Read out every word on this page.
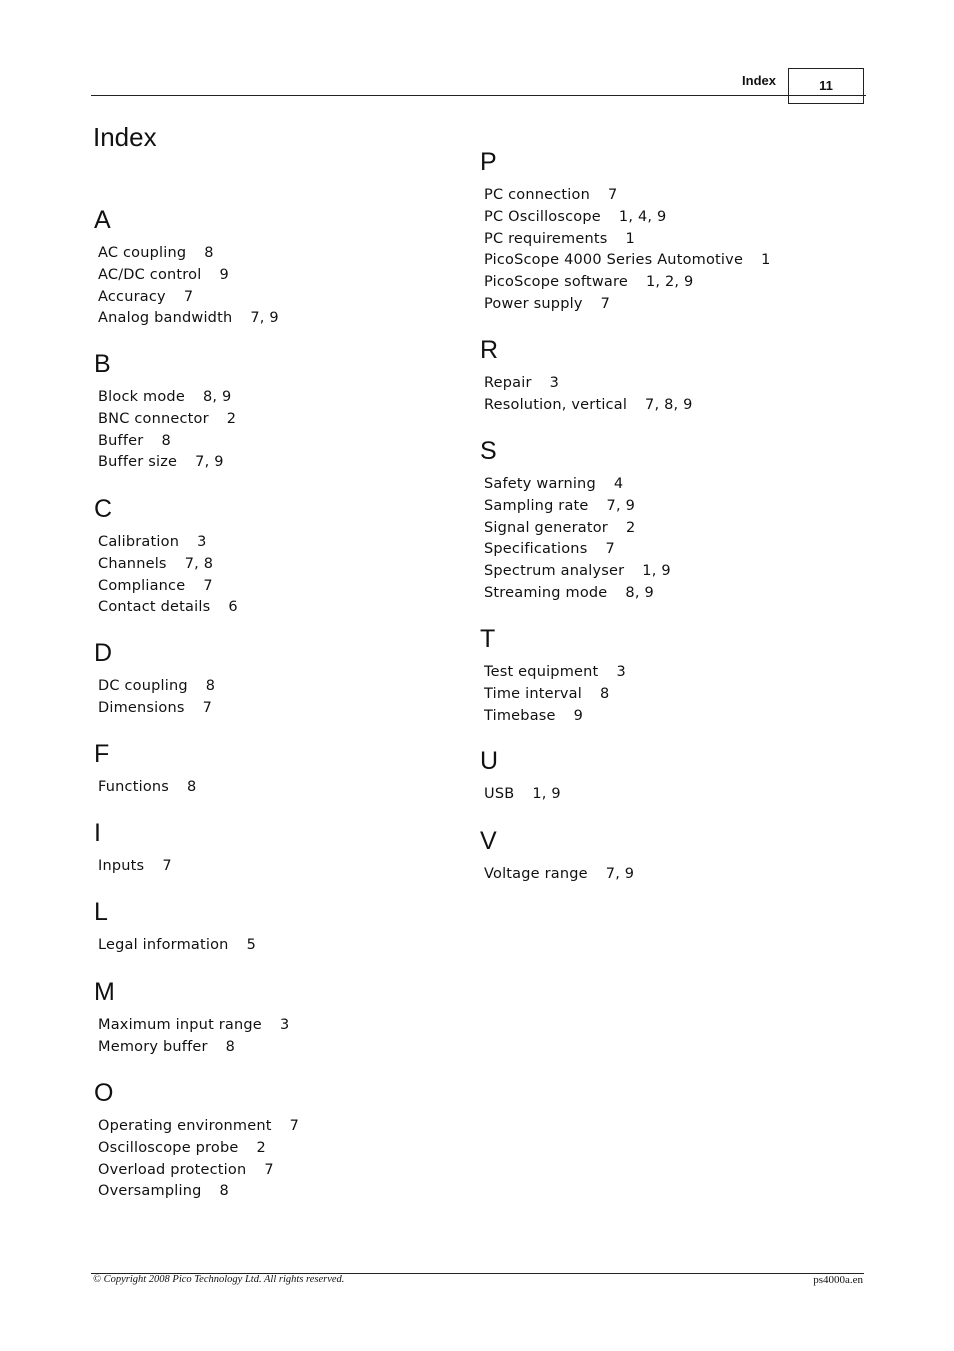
Index	11
Index
A
AC coupling 8
AC/DC control 9
Accuracy 7
Analog bandwidth 7, 9
B
Block mode 8, 9
BNC connector 2
Buffer 8
Buffer size 7, 9
C
Calibration 3
Channels 7, 8
Compliance 7
Contact details 6
D
DC coupling 8
Dimensions 7
F
Functions 8
I
Inputs 7
L
Legal information 5
M
Maximum input range 3
Memory buffer 8
O
Operating environment 7
Oscilloscope probe 2
Overload protection 7
Oversampling 8
P
PC connection 7
PC Oscilloscope 1, 4, 9
PC requirements 1
PicoScope 4000 Series Automotive 1
PicoScope software 1, 2, 9
Power supply 7
R
Repair 3
Resolution, vertical 7, 8, 9
S
Safety warning 4
Sampling rate 7, 9
Signal generator 2
Specifications 7
Spectrum analyser 1, 9
Streaming mode 8, 9
T
Test equipment 3
Time interval 8
Timebase 9
U
USB 1, 9
V
Voltage range 7, 9
© Copyright 2008 Pico Technology Ltd. All rights reserved.	ps4000a.en
